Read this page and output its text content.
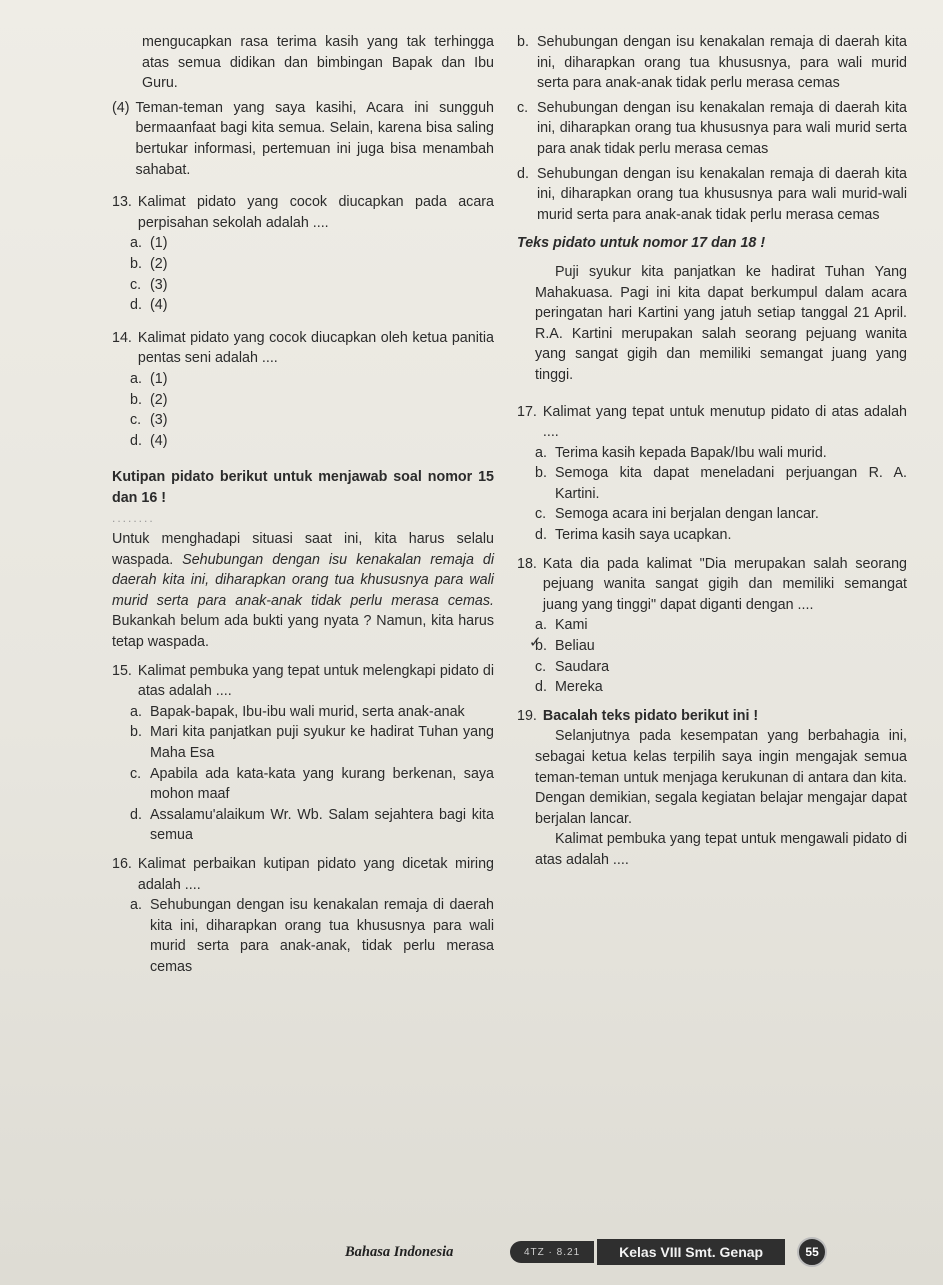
mengucapkan rasa terima kasih yang tak terhingga atas semua didikan dan bimbingan Bapak dan Ibu Guru.

(4) Teman-teman yang saya kasihi, Acara ini sungguh bermaanfaat bagi kita semua. Selain, karena bisa saling bertukar informasi, pertemuan ini juga bisa menambah sahabat.
13. Kalimat pidato yang cocok diucapkan pada acara perpisahan sekolah adalah ....
a. (1)
b. (2)
c. (3)
d. (4)
14. Kalimat pidato yang cocok diucapkan oleh ketua panitia pentas seni adalah ....
a. (1)
b. (2)
c. (3)
d. (4)

Kutipan pidato berikut untuk menjawab soal nomor 15 dan 16 !

........

Untuk menghadapi situasi saat ini, kita harus selalu waspada. Sehubungan dengan isu kenakalan remaja di daerah kita ini, diharapkan orang tua khususnya para wali murid serta para anak-anak tidak perlu merasa cemas. Bukankah belum ada bukti yang nyata ? Namun, kita harus tetap waspada.

15. Kalimat pembuka yang tepat untuk melengkapi pidato di atas adalah ....
a. Bapak-bapak, Ibu-ibu wali murid, serta anak-anak
b. Mari kita panjatkan puji syukur ke hadirat Tuhan yang Maha Esa
c. Apabila ada kata-kata yang kurang berkenan, saya mohon maaf
d. Assalamu'alaikum Wr. Wb. Salam sejahtera bagi kita semua
16. Kalimat perbaikan kutipan pidato yang dicetak miring adalah ....
a. Sehubungan dengan isu kenakalan remaja di daerah kita ini, diharapkan orang tua khususnya para wali murid serta para anak-anak, tidak perlu merasa cemas
b. Sehubungan dengan isu kenakalan remaja di daerah kita ini, diharapkan orang tua khususnya, para wali murid serta para anak-anak tidak perlu merasa cemas
c. Sehubungan dengan isu kenakalan remaja di daerah kita ini, diharapkan orang tua khususnya para wali murid serta para anak tidak perlu merasa cemas
d. Sehubungan dengan isu kenakalan remaja di daerah kita ini, diharapkan orang tua khususnya para wali murid-wali murid serta para anak-anak tidak perlu merasa cemas

Teks pidato untuk nomor 17 dan 18 !

Puji syukur kita panjatkan ke hadirat Tuhan Yang Mahakuasa. Pagi ini kita dapat berkumpul dalam acara peringatan hari Kartini yang jatuh setiap tanggal 21 April. R.A. Kartini merupakan salah seorang pejuang wanita yang sangat gigih dan memiliki semangat juang yang tinggi.

17. Kalimat yang tepat untuk menutup pidato di atas adalah ....
a. Terima kasih kepada Bapak/Ibu wali murid.
b. Semoga kita dapat meneladani perjuangan R. A. Kartini.
c. Semoga acara ini berjalan dengan lancar.
d. Terima kasih saya ucapkan.
18. Kata dia pada kalimat "Dia merupakan salah seorang pejuang wanita sangat gigih dan memiliki semangat juang yang tinggi" dapat diganti dengan ....
a. Kami
✓ b. Beliau
c. Saudara
d. Mereka
19. Bacalah teks pidato berikut ini !

Selanjutnya pada kesempatan yang berbahagia ini, sebagai ketua kelas terpilih saya ingin mengajak semua teman-teman untuk menjaga kerukunan di antara dan kita. Dengan demikian, segala kegiatan belajar mengajar dapat berjalan lancar.

Kalimat pembuka yang tepat untuk mengawali pidato di atas adalah ....

Bahasa Indonesia	4TZ · 8.21	Kelas VIII Smt. Genap	55
